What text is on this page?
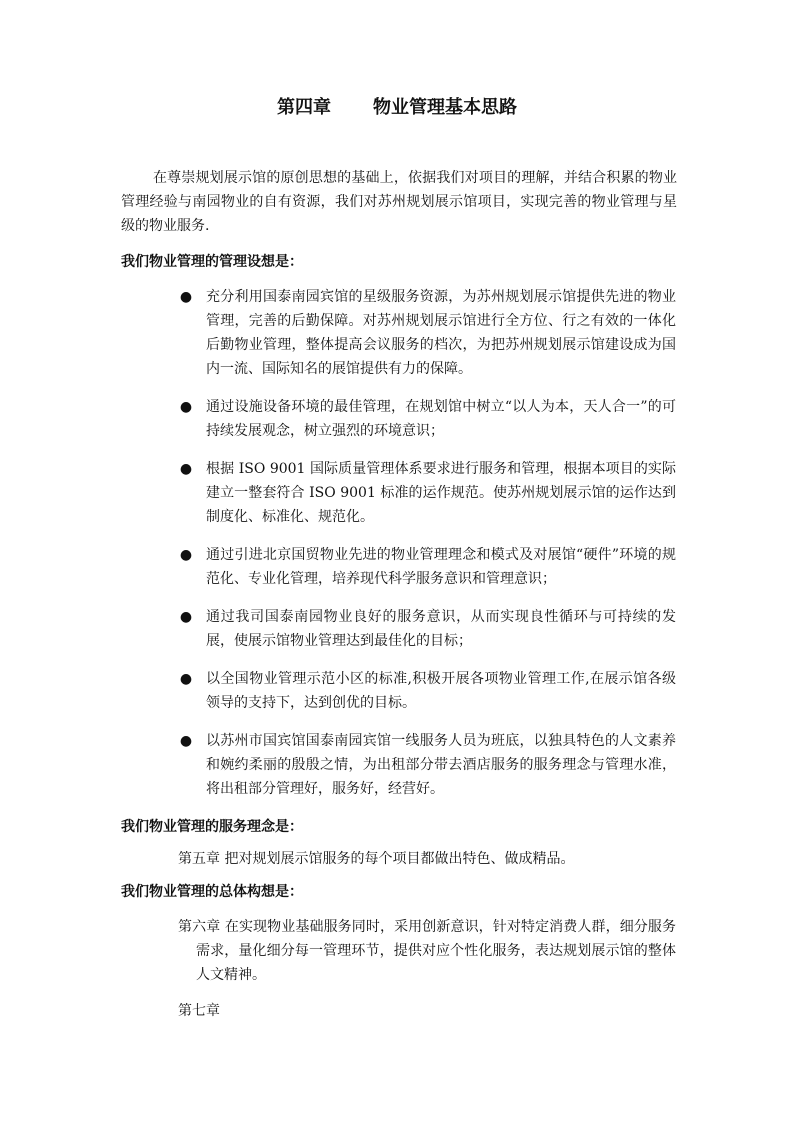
第四章 物业管理基本思路

在尊崇规划展示馆的原创思想的基础上，依据我们对项目的理解，并结合积累的物业管理经验与南园物业的自有资源，我们对苏州规划展示馆项目，实现完善的物业管理与星级的物业服务.

我们物业管理的管理设想是：

● 充分利用国泰南园宾馆的星级服务资源，为苏州规划展示馆提供先进的物业管理，完善的后勤保障。对苏州规划展示馆进行全方位、行之有效的一体化后勤物业管理，整体提高会议服务的档次，为把苏州规划展示馆建设成为国内一流、国际知名的展馆提供有力的保障。
● 通过设施设备环境的最佳管理，在规划馆中树立“以人为本，天人合一”的可持续发展观念，树立强烈的环境意识；
● 根据 ISO 9001 国际质量管理体系要求进行服务和管理，根据本项目的实际建立一整套符合 ISO 9001 标准的运作规范。使苏州规划展示馆的运作达到制度化、标准化、规范化。
● 通过引进北京国贸物业先进的物业管理理念和模式及对展馆“硬件”环境的规范化、专业化管理，培养现代科学服务意识和管理意识；
● 通过我司国泰南园物业良好的服务意识，从而实现良性循环与可持续的发展，使展示馆物业管理达到最佳化的目标；
● 以全国物业管理示范小区的标准,积极开展各项物业管理工作,在展示馆各级领导的支持下，达到创优的目标。
● 以苏州市国宾馆国泰南园宾馆一线服务人员为班底，以独具特色的人文素养和婉约柔丽的殷殷之情，为出租部分带去酒店服务的服务理念与管理水准，将出租部分管理好，服务好，经营好。

我们物业管理的服务理念是：

第五章 把对规划展示馆服务的每个项目都做出特色、做成精品。

我们物业管理的总体构想是：

第六章 在实现物业基础服务同时，采用创新意识，针对特定消费人群，细分服务需求，量化细分每一管理环节，提供对应个性化服务，表达规划展示馆的整体人文精神。

第七章
